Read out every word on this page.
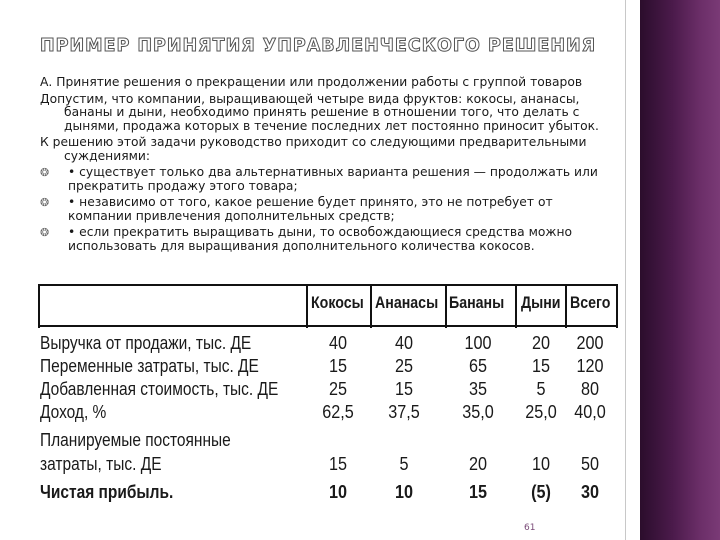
ПРИМЕР ПРИНЯТИЯ УПРАВЛЕНЧЕСКОГО РЕШЕНИЯ

А. Принятие решения о прекращении или продолжении работы с группой товаров

Допустим, что компании, выращивающей четыре вида фруктов: кокосы, ананасы, бананы и дыни, необходимо принять решение в отношении того, что делать с дынями, продажа которых в течение последних лет постоянно приносит убыток.

К решению этой задачи руководство приходит со следующими предварительными суждениями:

❂ • существует только два альтернативных варианта решения — продолжать или прекратить продажу этого товара;
❂ • независимо от того, какое решение будет принято, это не потребует от компании привлечения дополнительных средств;
❂ • если прекратить выращивать дыни, то освобождающиеся средства можно использовать для выращивания дополнительного количества кокосов.
Кокосы Ананасы Бананы Дыни Всего
Выручка от продажи, тыс. ДЕ	40	40	100	20	200
Переменные затраты, тыс. ДЕ	15	25	65	15	120
Добавленная стоимость, тыс. ДЕ	25	15	35	5	80
Доход, %	62,5	37,5	35,0	25,0 40,0
Планируемые постоянные
затраты, тыс. ДЕ	15	5	20	10	50
Чистая прибыль.	10	10	15	(5)	30
61
